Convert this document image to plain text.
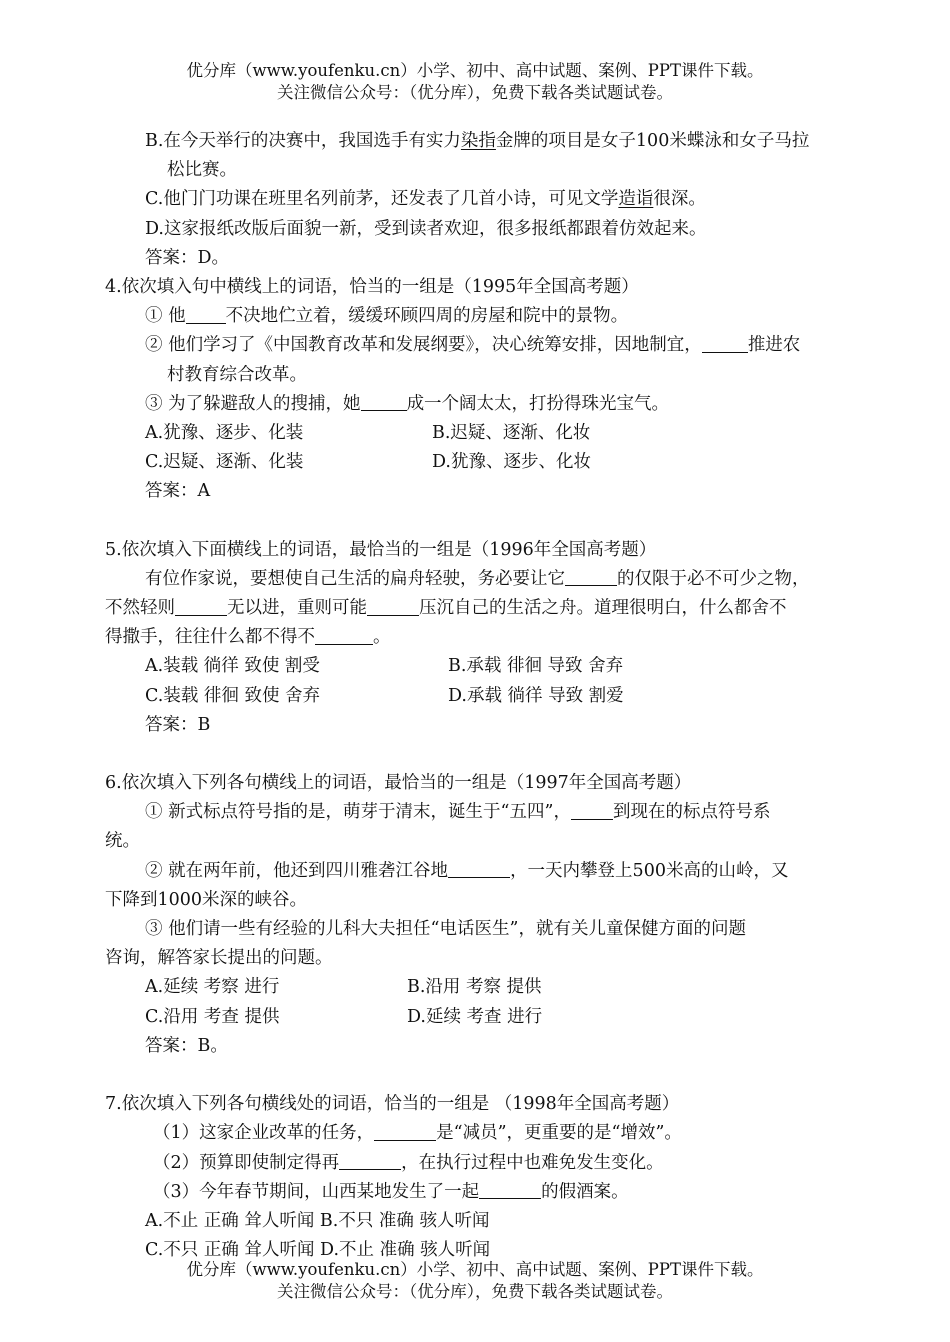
优分库（www.youfenku.cn）小学、初中、高中试题、案例、PPT课件下载。
关注微信公众号：（优分库），免费下载各类试题试卷。

B.在今天举行的决赛中，我国选手有实力染指金牌的项目是女子100米蝶泳和女子马拉

松比赛。

C.他门门功课在班里名列前茅，还发表了几首小诗，可见文学造诣很深。

D.这家报纸改版后面貌一新，受到读者欢迎，很多报纸都跟着仿效起来。

答案：D。

4.依次填入句中横线上的词语，恰当的一组是（1995年全国高考题）

① 他 不决地伫立着，缓缓环顾四周的房屋和院中的景物。

② 他们学习了《中国教育改革和发展纲要》，决心统筹安排，因地制宜，	推进农

村教育综合改革。

③ 为了躲避敌人的搜捕，她	成一个阔太太，打扮得珠光宝气。

A.犹豫、逐步、化装	B.迟疑、逐渐、化妆

C.迟疑、逐渐、化装	D.犹豫、逐步、化妆

答案：A

5.依次填入下面横线上的词语，最恰当的一组是（1996年全国高考题）

有位作家说，要想使自己生活的扁舟轻驶，务必要让它	的仅限于必不可少之物，

不然轻则	无以进，重则可能	压沉自己的生活之舟。道理很明白，什么都舍不

得撒手，往往什么都不得不	。

A.装载 徜徉 致使 割受	B.承载 徘徊 导致 舍弃

C.装载 徘徊 致使 舍弃	D.承载 徜徉 导致 割爱

答案：B

6.依次填入下列各句横线上的词语，最恰当的一组是（1997年全国高考题）

① 新式标点符号指的是，萌芽于清末，诞生于“五四”， 到现在的标点符号系

统。

② 就在两年前，他还到四川雅砻江谷地	，一天内攀登上500米高的山岭，又

下降到1000米深的峡谷。

③ 他们请一些有经验的儿科大夫担任“电话医生”，就有关儿童保健方面的问题

咨询，解答家长提出的问题。

A.延续 考察 进行	B.沿用 考察 提供

C.沿用 考查 提供	D.延续 考查 进行

答案：B。

7.依次填入下列各句横线处的词语，恰当的一组是 （1998年全国高考题）

（1）这家企业改革的任务，	是“减员”，更重要的是“增效”。

（2）预算即使制定得再	，在执行过程中也难免发生变化。

（3）今年春节期间，山西某地发生了一起	的假酒案。

A.不止 正确 耸人听闻 B.不只 准确 骇人听闻

C.不只 正确 耸人听闻 D.不止 准确 骇人听闻

优分库（www.youfenku.cn）小学、初中、高中试题、案例、PPT课件下载。
关注微信公众号：（优分库），免费下载各类试题试卷。
